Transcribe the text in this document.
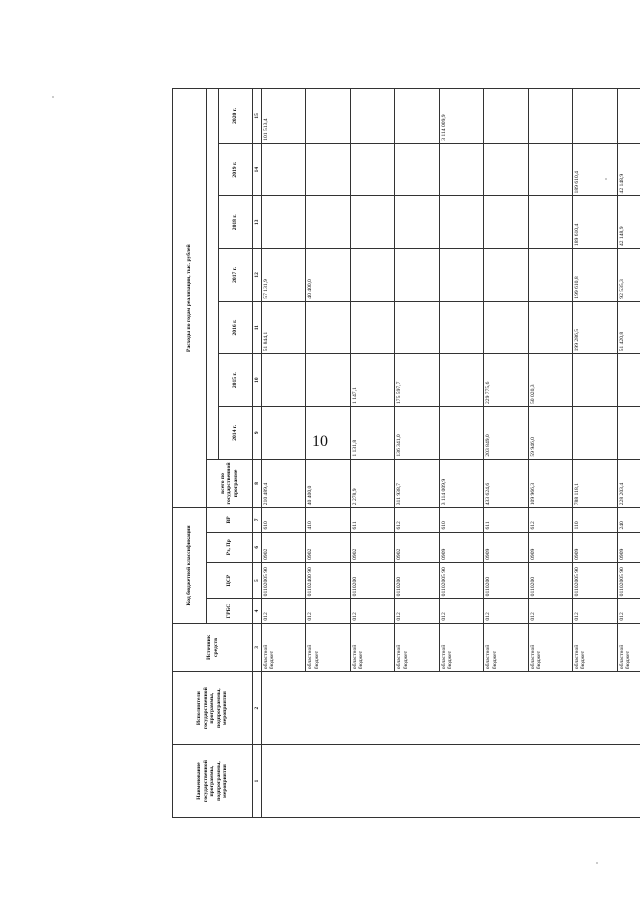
10
Наименование государственной программы, подпрограммы, мероприятия	Исполнители государственной программы, подпрограммы, мероприятия	Источник средств	Код бюджетной классификации				Расходы по годам реализации, тыс. рублей							
			ГРБС	ЦСР	Рз, Пр	ВР	всего по государственной программе							
								2014 г.	2015 г.	2016 г.	2017 г.	2018 г.	2019 г.	2020 г.
1	2	3	4	5	6	7	8	9	10	11	12	13	14	15
		областной бюджет	012	01102005 90	0902	610	210 489,4			51 844,1	57 131,9			101 513,4
		областной бюджет	012	01102400 90	0902	410	40 400,0				40 400,0			
		областной бюджет	012	0110200	0902	611	2 278,9	1 131,8	1 147,1					
		областной бюджет	012	0110200	0902	612	311 938,7	136 341,0	175 597,7					
		областной бюджет	012	01102005 90	0909	610	3 114 009,9							3 114 009,9
		областной бюджет	012	0110200	0909	611	433 624,6	203 849,0	229 775,6					
		областной бюджет	012	0110200	0909	612	109 966,3	59 946,0	50 020,3					
		областной бюджет	012	01102005 90	0909	110	788 118,1			199 286,5	199 610,8	189 610,4	189 610,4	
		областной бюджет	012	01102005 90	0909	240	228 203,4			51 420,8	92 535,3	42 148,9	42 148,9	
